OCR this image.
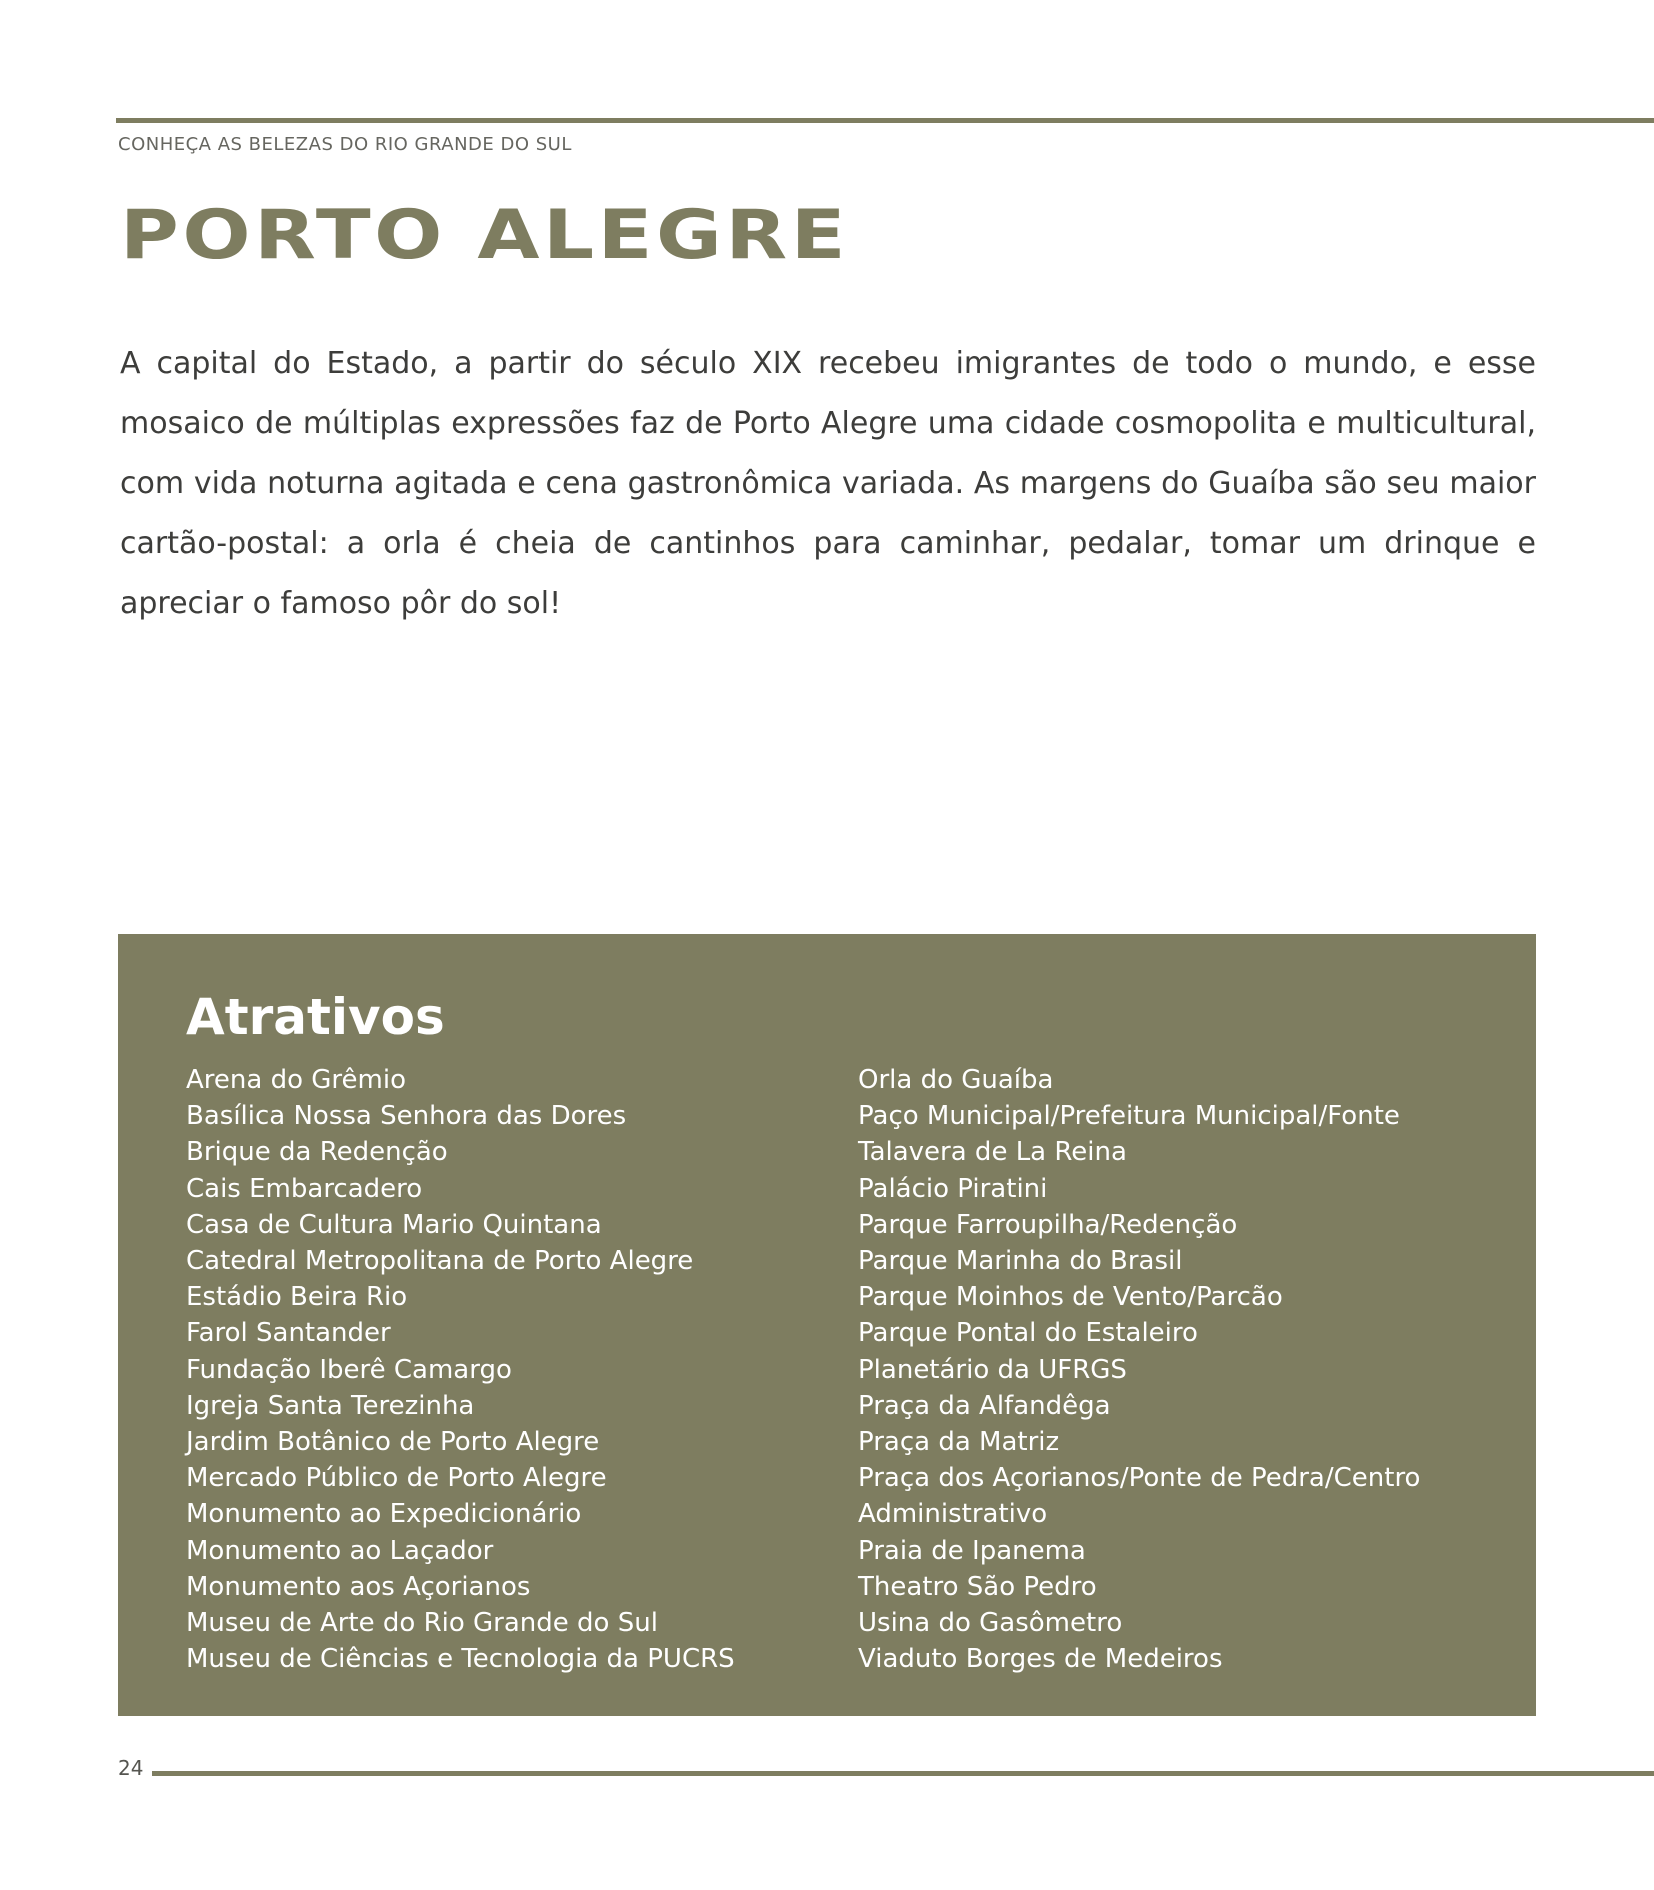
CONHEÇA AS BELEZAS DO RIO GRANDE DO SUL
PORTO ALEGRE

A capital do Estado, a partir do século XIX recebeu imigrantes de todo o mundo, e esse mosaico de múltiplas expressões faz de Porto Alegre uma cidade cosmopolita e multicultural, com vida noturna agitada e cena gastronômica variada. As margens do Guaíba são seu maior cartão-postal: a orla é cheia de cantinhos para caminhar, pedalar, tomar um drinque e apreciar o famoso pôr do sol!

Atrativos
Arena do Grêmio
Basílica Nossa Senhora das Dores
Brique da Redenção
Cais Embarcadero
Casa de Cultura Mario Quintana
Catedral Metropolitana de Porto Alegre
Estádio Beira Rio
Farol Santander
Fundação Iberê Camargo
Igreja Santa Terezinha
Jardim Botânico de Porto Alegre
Mercado Público de Porto Alegre
Monumento ao Expedicionário
Monumento ao Laçador
Monumento aos Açorianos
Museu de Arte do Rio Grande do Sul
Museu de Ciências e Tecnologia da PUCRS
Orla do Guaíba
Paço Municipal/Prefeitura Municipal/Fonte
Talavera de La Reina
Palácio Piratini
Parque Farroupilha/Redenção
Parque Marinha do Brasil
Parque Moinhos de Vento/Parcão
Parque Pontal do Estaleiro
Planetário da UFRGS
Praça da Alfandêga
Praça da Matriz
Praça dos Açorianos/Ponte de Pedra/Centro
Administrativo
Praia de Ipanema
Theatro São Pedro
Usina do Gasômetro
Viaduto Borges de Medeiros
24
